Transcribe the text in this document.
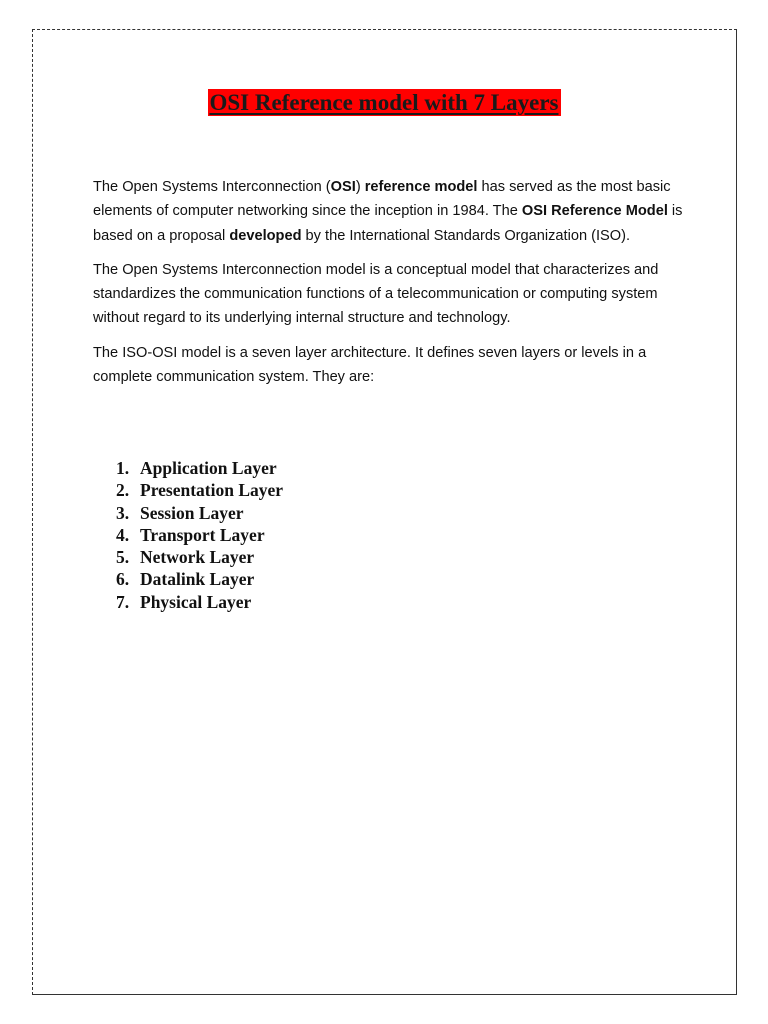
OSI Reference model with 7 Layers

The Open Systems Interconnection (OSI) reference model has served as the most basic elements of computer networking since the inception in 1984. The OSI Reference Model is based on a proposal developed by the International Standards Organization (ISO).

The Open Systems Interconnection model is a conceptual model that characterizes and standardizes the communication functions of a telecommunication or computing system without regard to its underlying internal structure and technology.

The ISO-OSI model is a seven layer architecture. It defines seven layers or levels in a complete communication system. They are:

1. Application Layer
2. Presentation Layer
3. Session Layer
4. Transport Layer
5. Network Layer
6. Datalink Layer
7. Physical Layer
